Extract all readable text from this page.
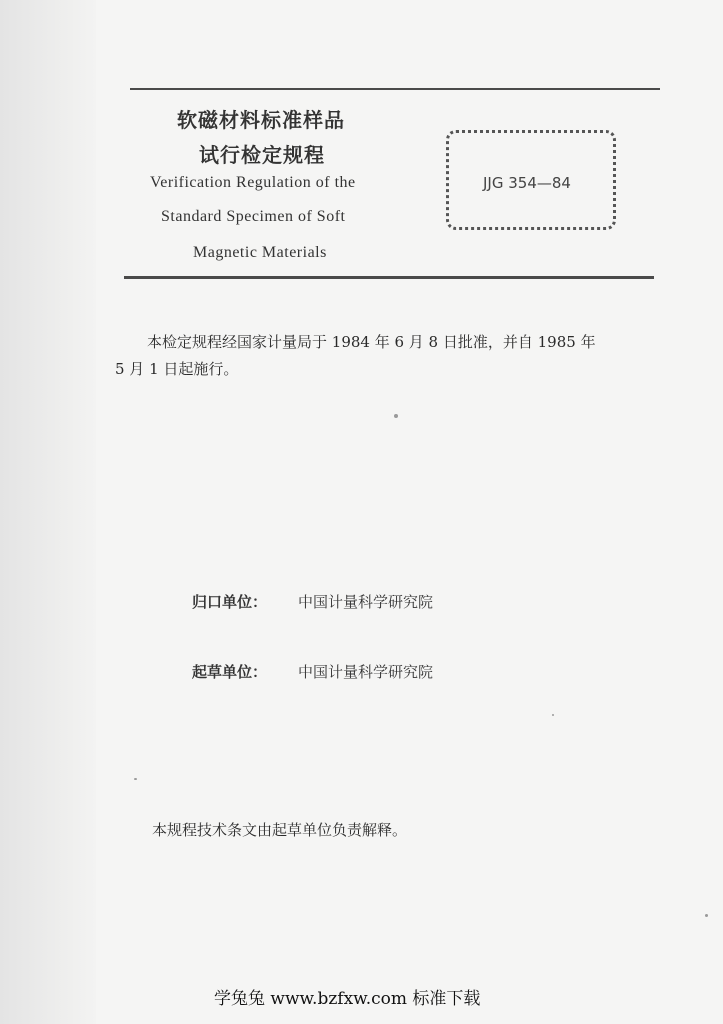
软磁材料标准样品
试行检定规程
Verification Regulation of the
Standard Specimen of Soft
Magnetic Materials
JJG 354—84
本检定规程经国家计量局于 1984 年 6 月 8 日批准，并自 1985 年
5 月 1 日起施行。
归口单位： 中国计量科学研究院
起草单位： 中国计量科学研究院
本规程技术条文由起草单位负责解释。
学兔兔 www.bzfxw.com 标准下载
